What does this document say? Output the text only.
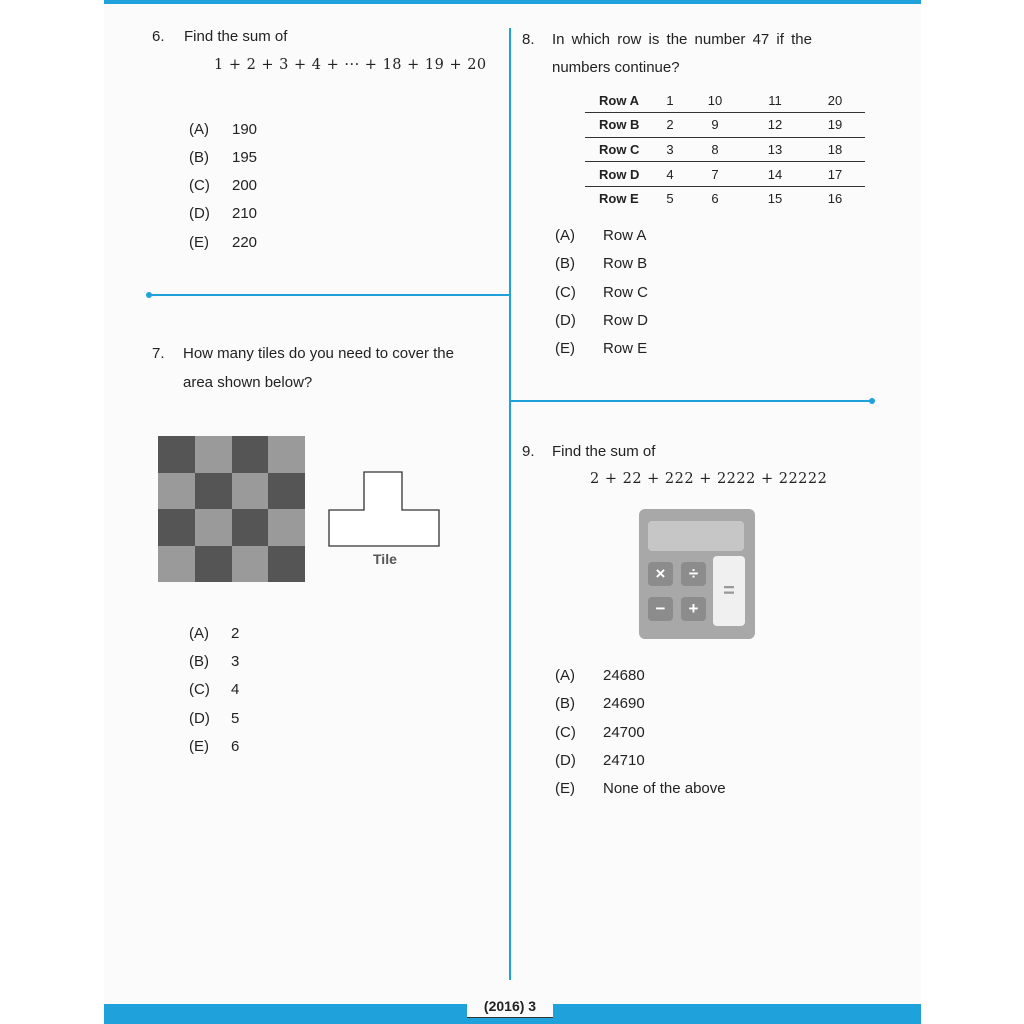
6. Find the sum of
1 + 2 + 3 + 4 + ··· + 18 + 19 + 20
(A) 190
(B) 195
(C) 200
(D) 210
(E) 220
7. How many tiles do you need to cover the
area shown below?
Tile
(A) 2
(B) 3
(C) 4
(D) 5
(E) 6
8. In which row is the number 47 if the
numbers continue?
Row A	1	10	11	20
Row B	2	9	12	19
Row C	3	8	13	18
Row D	4	7	14	17
Row E	5	6	15	16
(A) Row A
(B) Row B
(C) Row C
(D) Row D
(E) Row E
9. Find the sum of
2 + 22 + 222 + 2222 + 22222
×	÷
−	+
=
(A) 24680
(B) 24690
(C) 24700
(D) 24710
(E) None of the above
(2016) 3
